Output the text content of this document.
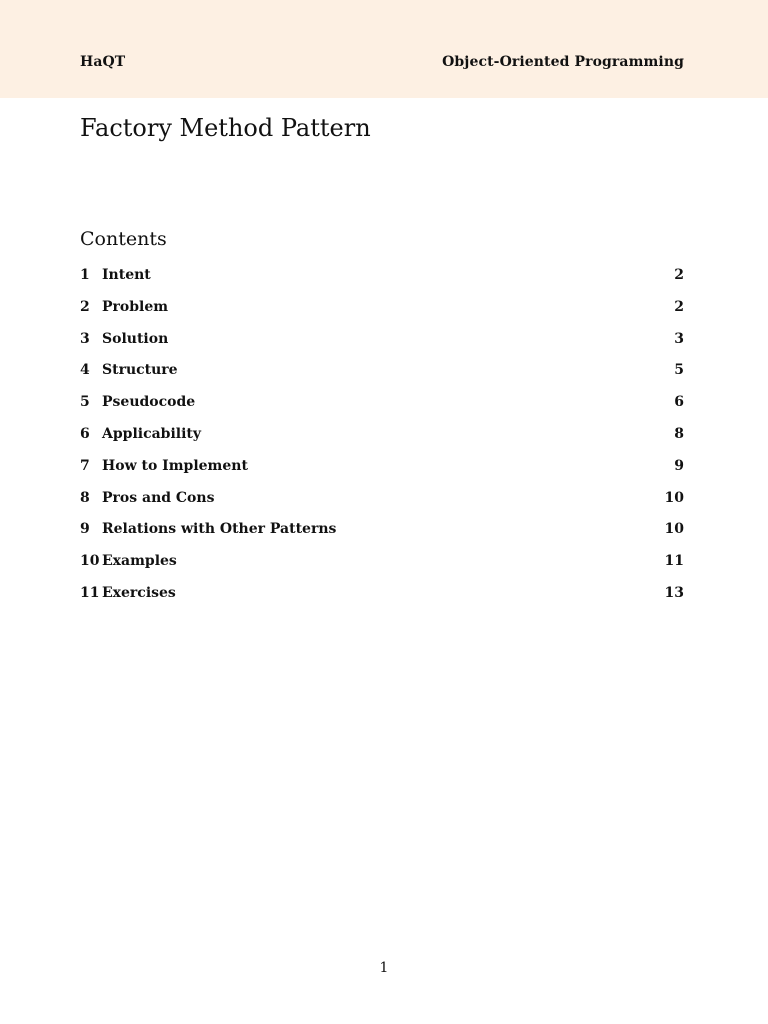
HaQT	Object-Oriented Programming
Factory Method Pattern
Contents
1 Intent	2
2 Problem	2
3 Solution	3
4 Structure	5
5 Pseudocode	6
6 Applicability	8
7 How to Implement	9
8 Pros and Cons	10
9 Relations with Other Patterns	10
10 Examples	11
11 Exercises	13
1
